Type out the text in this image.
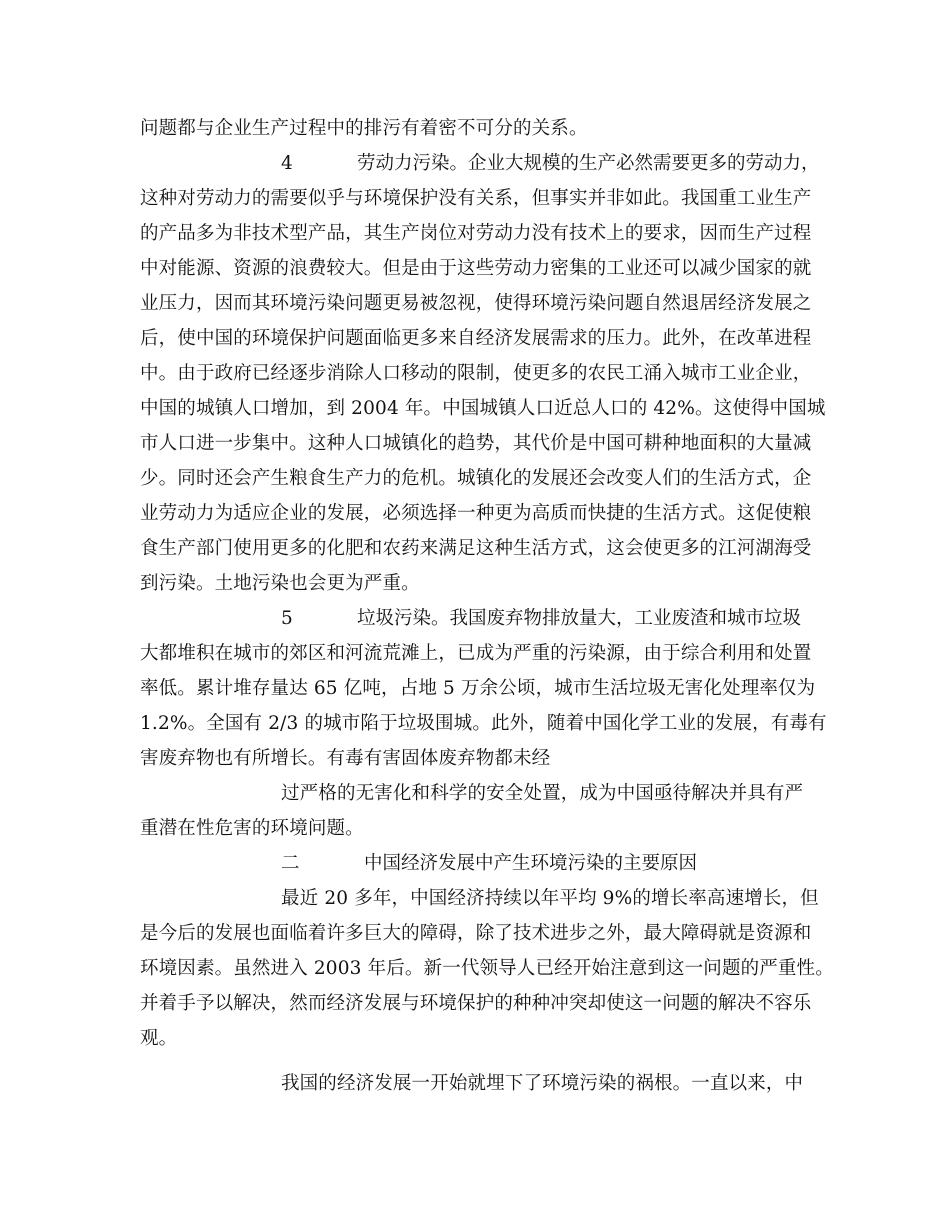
问题都与企业生产过程中的排污有着密不可分的关系。
4	劳动力污染。企业大规模的生产必然需要更多的劳动力，
这种对劳动力的需要似乎与环境保护没有关系，但事实并非如此。我国重工业生产
的产品多为非技术型产品，其生产岗位对劳动力没有技术上的要求，因而生产过程
中对能源、资源的浪费较大。但是由于这些劳动力密集的工业还可以减少国家的就
业压力，因而其环境污染问题更易被忽视，使得环境污染问题自然退居经济发展之
后，使中国的环境保护问题面临更多来自经济发展需求的压力。此外，在改革进程
中。由于政府已经逐步消除人口移动的限制，使更多的农民工涌入城市工业企业，
中国的城镇人口增加，到 2004 年。中国城镇人口近总人口的 42%。这使得中国城
市人口进一步集中。这种人口城镇化的趋势，其代价是中国可耕种地面积的大量减
少。同时还会产生粮食生产力的危机。城镇化的发展还会改变人们的生活方式，企
业劳动力为适应企业的发展，必须选择一种更为高质而快捷的生活方式。这促使粮
食生产部门使用更多的化肥和农药来满足这种生活方式，这会使更多的江河湖海受
到污染。土地污染也会更为严重。
5	垃圾污染。我国废弃物排放量大，工业废渣和城市垃圾
大都堆积在城市的郊区和河流荒滩上，已成为严重的污染源，由于综合利用和处置
率低。累计堆存量达 65 亿吨，占地 5 万余公顷，城市生活垃圾无害化处理率仅为
1.2%。全国有 2/3 的城市陷于垃圾围城。此外，随着中国化学工业的发展，有毒有
害废弃物也有所增长。有毒有害固体废弃物都未经
过严格的无害化和科学的安全处置，成为中国亟待解决并具有严
重潜在性危害的环境问题。
二	中国经济发展中产生环境污染的主要原因
最近 20 多年，中国经济持续以年平均 9%的增长率高速增长，但
是今后的发展也面临着许多巨大的障碍，除了技术进步之外，最大障碍就是资源和
环境因素。虽然进入 2003 年后。新一代领导人已经开始注意到这一问题的严重性。
并着手予以解决，然而经济发展与环境保护的种种冲突却使这一问题的解决不容乐
观。
我国的经济发展一开始就埋下了环境污染的祸根。一直以来，中
